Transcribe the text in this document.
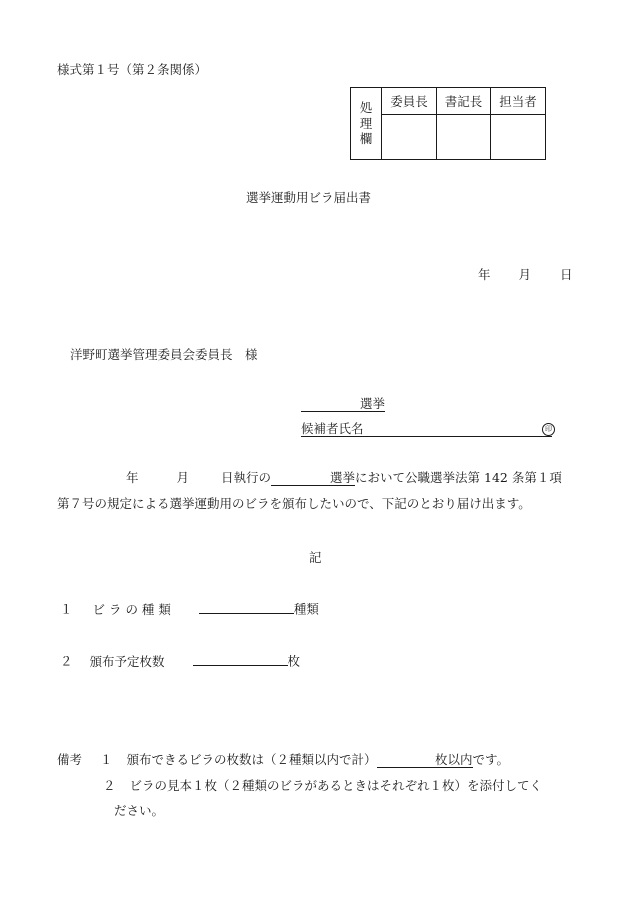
様式第１号（第２条関係）
処
理
欄	委員長	書記長	担当者

選挙運動用ビラ届出書
年 月 日
洋野町選挙管理委員会委員長　様
選挙
候補者氏名	印
年	月	日執行の	選挙において公職選挙法第 142 条第１項
第７号の規定による選挙運動用のビラを頒布したいので、下記のとおり届け出ます。
記
１ ビ ラ の 種 類	種類
２ 頒布予定枚数	枚
備考 １ 頒布できるビラの枚数は（２種類以内で計）	枚以内です。
２ ビラの見本１枚（２種類のビラがあるときはそれぞれ１枚）を添付してく
ださい。
